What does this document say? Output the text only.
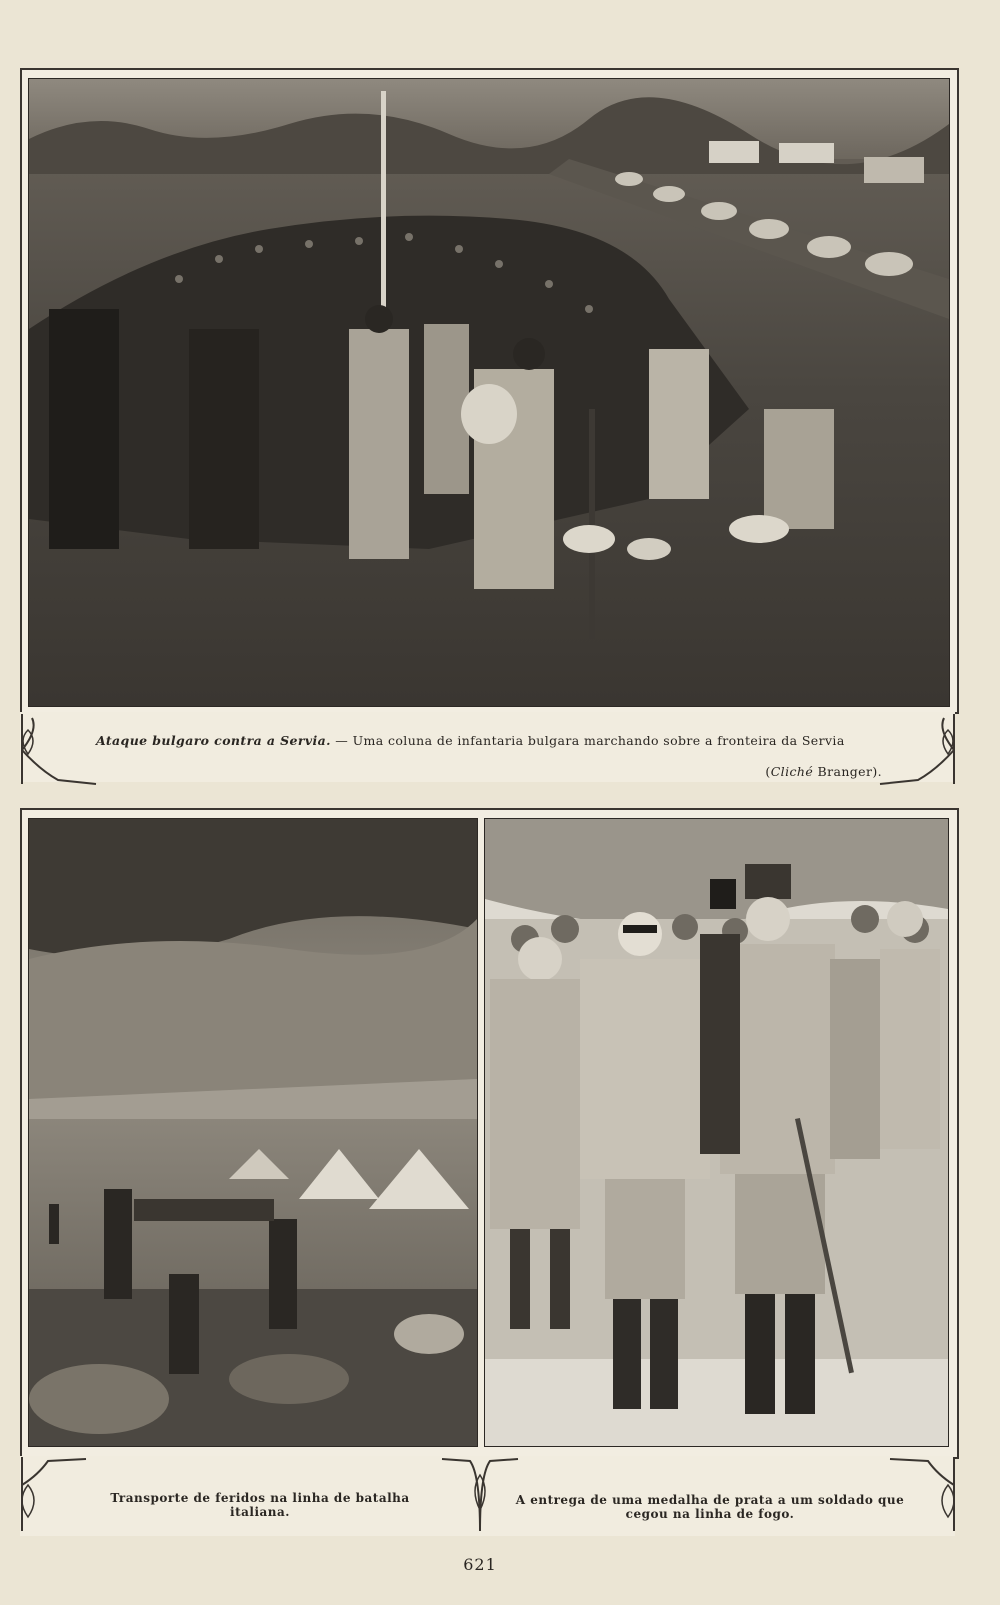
Ataque bulgaro contra a Servia. — Uma coluna de infantaria bulgara marchando sobre a fronteira da Servia
(Cliché Branger).
Transporte de feridos na linha de batalha
italiana.
A entrega de uma medalha de prata a um soldado que
cegou na linha de fogo.
621
